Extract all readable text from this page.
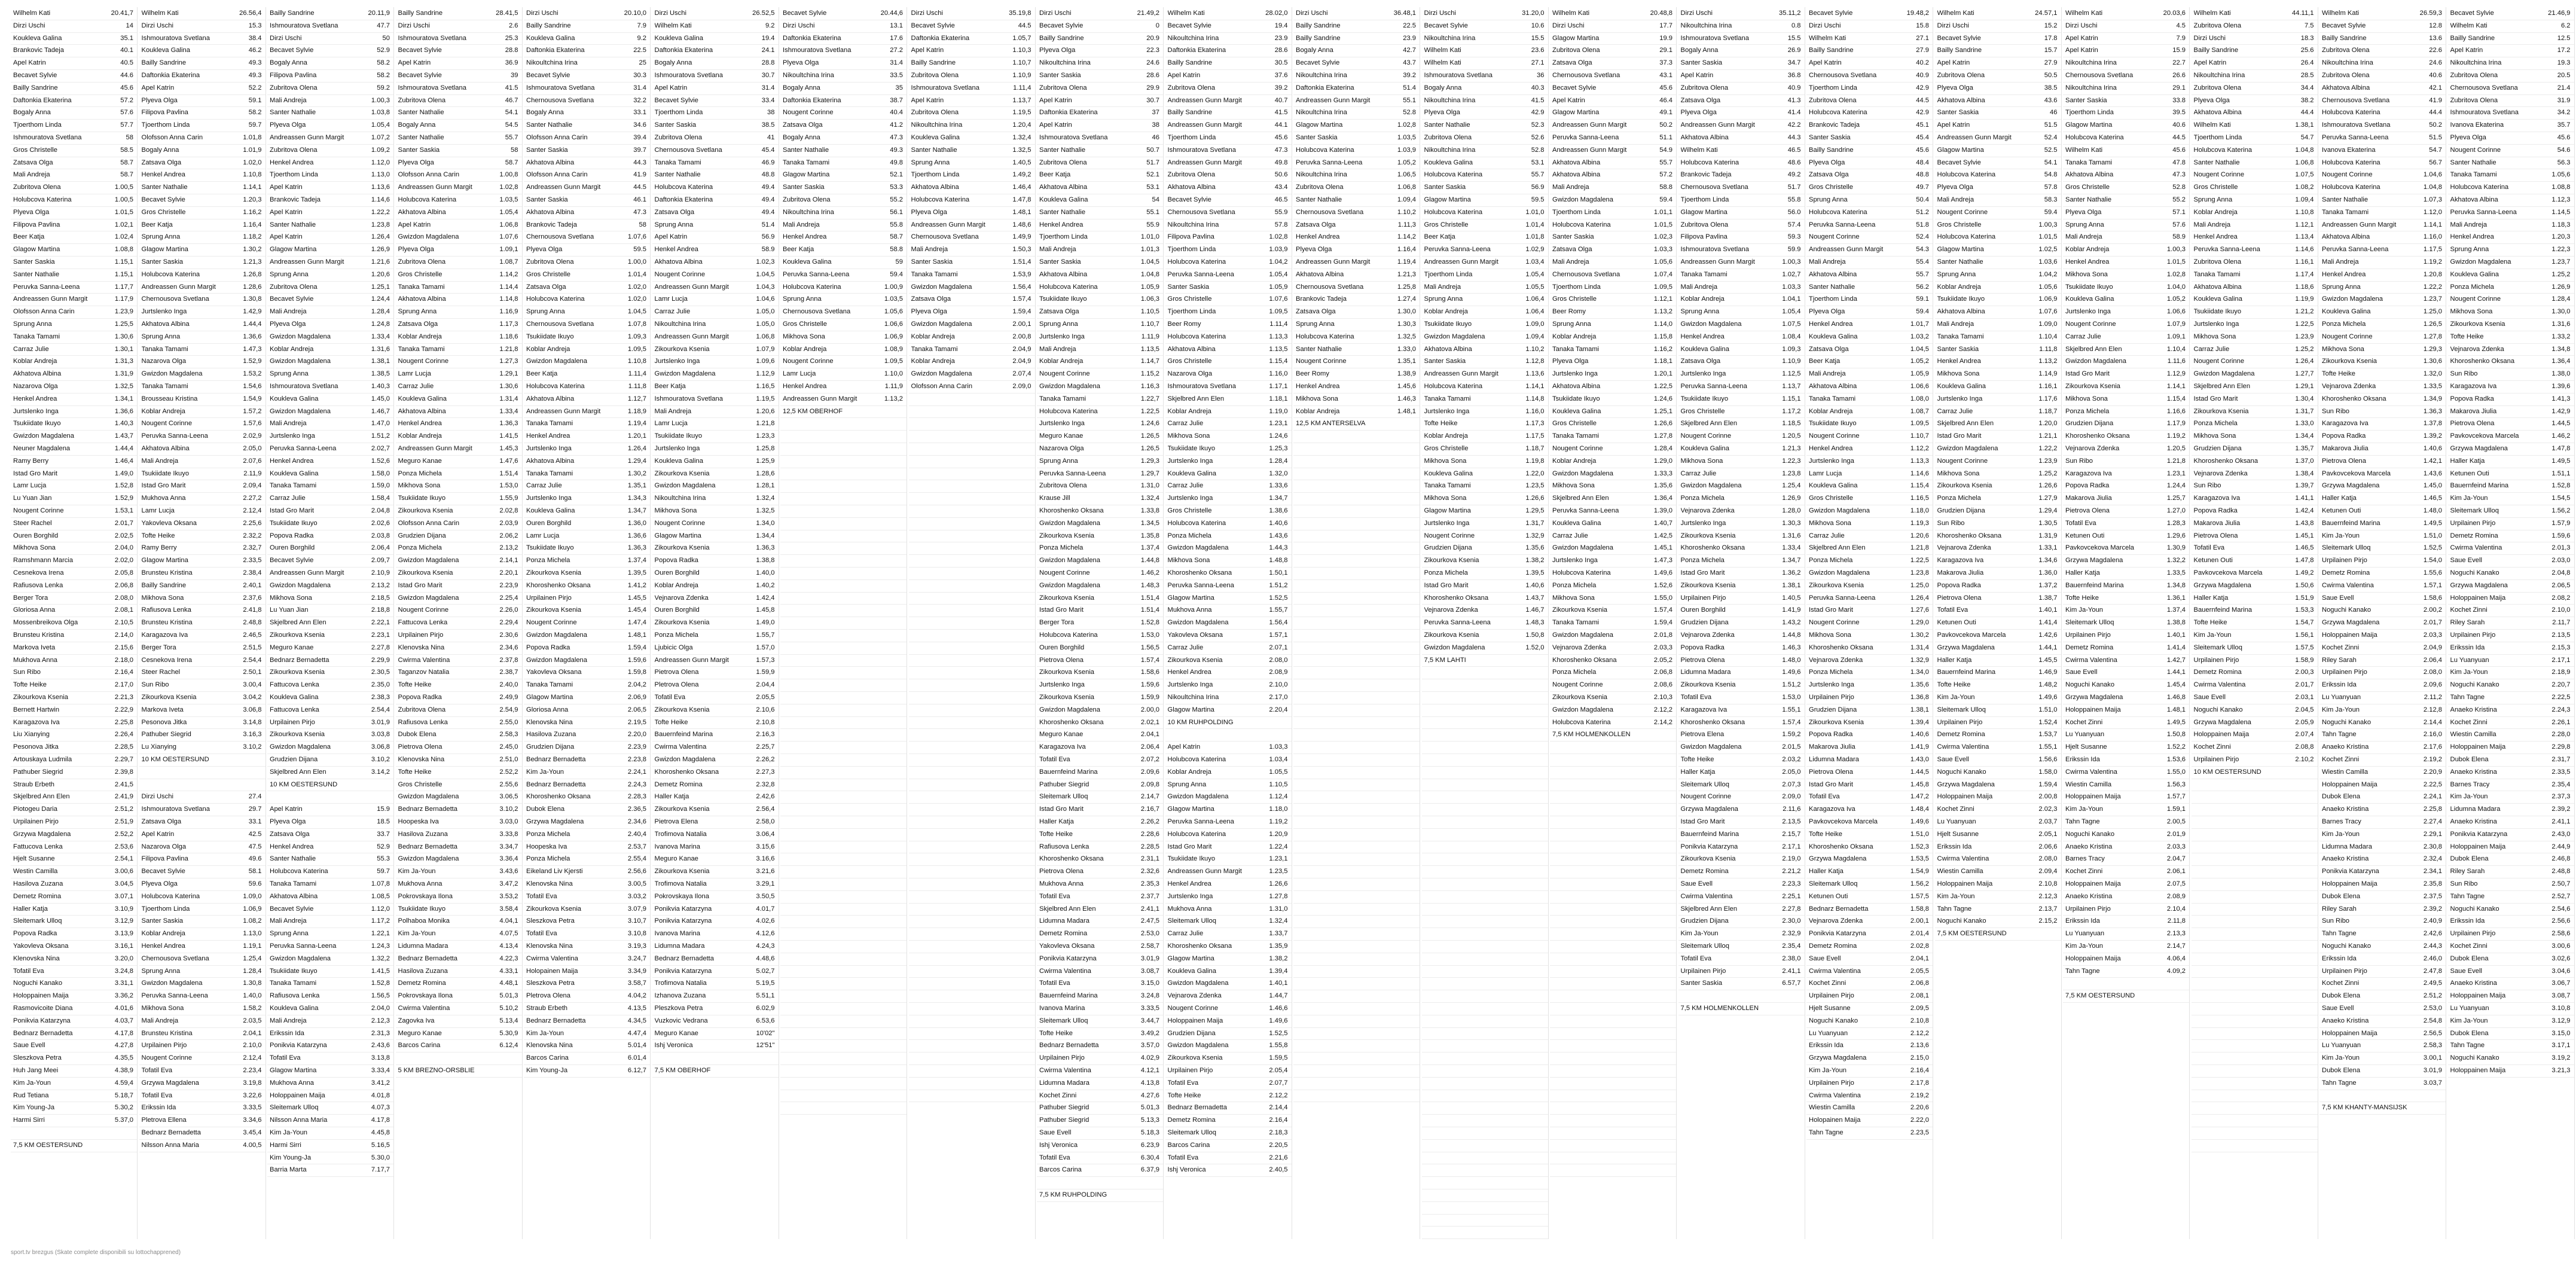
Wilhelm Kati	20.41,7
Dirzi Uschi	14
Koukleva Galina	35.1
Brankovic Tadeja	40.1
Apel Katrin	40.5
Becavet Sylvie	44.6
Bailly Sandrine	45.6
Daftonkia Ekaterina	57.2
Bogaly Anna	57.6
Tjoerthom Linda	57.7
Ishmouratova Svetlana	58
Gros Christelle	58.5
Zatsava Olga	58.7
Mali Andreja	58.7
Zubritova Olena	1.00,5
Holubcova Katerina	1.00,5
Plyeva Olga	1.01,5
Filipova Pavlina	1.02,1
Beer Katja	1.02,4
Glagow Martina	1.08,8
Santer Saskia	1.15,1
Santer Nathalie	1.15,1
Peruvka Sanna-Leena	1.17,7
Andreassen Gunn Margit	1.17,9
Olofsson Anna Carin	1.23,9
Sprung Anna	1.25,5
Tanaka Tamami	1.30,6
Carraz Julie	1.30,1
Koblar Andreja	1.31,3
Akhatova Albina	1.31,9
Nazarova Olga	1.32,5
Henkel Andrea	1.34,1
Jurtslenko Inga	1.36,6
Tsukiidate Ikuyo	1.40,3
Gwizdon Magdalena	1.43,7
Neuner Magdalena	1.44,4
Ramy Berry	1.46,4
Istad Gro Marit	1.49,0
Lamr Lucja	1.52,8
Lu Yuan Jian	1.52,9
Nougent Corinne	1.53,1
Steer Rachel	2.01,7
Ouren Borghild	2.02,5
Mikhova Sona	2.04,0
Ramshmann Marcia	2.02,0
Cesnekova Irena	2.05,8
Rafiusova Lenka	2.06,8
Berger Tora	2.08,0
Gloriosa Anna	2.08,1
Mossenbreikova Olga	2.10,5
Brunsteu Kristina	2.14,0
Markova Iveta	2.15,6
Mukhova Anna	2.18,0
Sun Ribo	2.16,4
Tofte Heike	2.17,0
Zikourkova Ksenia	2.21,3
Bernett Hartwin	2.22,9
Karagazova Iva	2.25,8
Liu Xianying	2.26,4
Pesonova Jitka	2.28,5
Artouskaya Ludmila	2.29,7
Pathuber Siegrid	2.39,8
Straub Erbeth	2.41,5
Skjelbred Ann Elen	2.41,9
Piotogeu Daria	2.51,2
Urpilainen Pirjo	2.51,9
Grzywa Magdalena	2.52,2
Fattucova Lenka	2.53,6
Hjelt Susanne	2.54,1
Westin Camilla	3.00,6
Hasilova Zuzana	3.04,5
Demetz Romina	3.07,1
Haller Katja	3.10,9
Sleitemark Ulloq	3.12,9
Popova Radka	3.13,9
Yakovleva Oksana	3.16,1
Klenovska Nina	3.20,0
Tofatil Eva	3.24,8
Noguchi Kanako	3.31,1
Holoppainen Maija	3.36,2
Rasmovicoite Diana	4.01,6
Ponikvia Katarzyna	4.03,7
Bednarz Bernadetta	4.17,8
Saue Evell	4.27,8
Sleszkova Petra	4.35,5
Huh Jang Meei	4.38,9
Kim Ja-Youn	4.59,4
Rud Tetiana	5.18,7
Kim Young-Ja	5.30,2
Harmi Sirri	5.37,0
7,5 KM OESTERSUND
Wilhelm Kati	26.56,4
Dirzi Uschi	15.3
Ishmouratova Svetlana	38.4
Koukleva Galina	46.2
Bailly Sandrine	49.3
Daftonkia Ekaterina	49.3
Apel Katrin	52.2
Plyeva Olga	59.1
Filipova Pavlina	58.2
Tjoerthom Linda	59.7
Olofsson Anna Carin	1.01,8
Bogaly Anna	1.01,9
Zatsava Olga	1.02,0
Henkel Andrea	1.10,8
Santer Nathalie	1.14,1
Becavet Sylvie	1.20,3
Gros Christelle	1.16,2
Beer Katja	1.16,4
Sprung Anna	1.18,2
Glagow Martina	1.30,2
Santer Saskia	1.21,3
Holubcova Katerina	1.26,8
Andreassen Gunn Margit	1.28,6
Chernousova Svetlana	1.30,8
Jurtslenko Inga	1.42,9
Akhatova Albina	1.44,4
Sprung Anna	1.36,6
Tanaka Tamami	1.47,3
Nazarova Olga	1.52,9
Gwizdon Magdalena	1.53,2
Tanaka Tamami	1.54,6
Brousseau Kristina	1.54,9
Koblar Andreja	1.57,2
Nougent Corinne	1.57,6
Peruvka Sanna-Leena	2.02,9
Akhatova Albina	2.05,0
Mali Andreja	2.07,6
Tsukiidate Ikuyo	2.11,9
Istad Gro Marit	2.09,4
Mukhova Anna	2.27,2
Lamr Lucja	2.12,4
Yakovleva Oksana	2.25,6
Tofte Heike	2.32,2
Ramy Berry	2.32,7
Glagow Martina	2.33,5
Brunsteu Kristina	2.38,4
Bailly Sandrine	2.40,1
Mikhova Sona	2.37,6
Rafiusova Lenka	2.41,8
Brunsteu Kristina	2.48,8
Karagazova Iva	2.46,5
Berger Tora	2.51,5
Cesnekova Irena	2.54,4
Steer Rachel	2.50,1
Sun Ribo	3.00,4
Zikourkova Ksenia	3.04,2
Markova Iveta	3.06,8
Pesonova Jitka	3.14,8
Pathuber Siegrid	3.16,3
Lu Xianying	3.10,2
10 KM OESTERSUND
Dirzi Uschi	27.4
Ishmouratova Svetlana	29.7
Zatsava Olga	33.1
Apel Katrin	42.5
Nazarova Olga	47.5
Filipova Pavlina	49.6
Becavet Sylvie	58.1
Plyeva Olga	59.6
Holubcova Katerina	1.09,0
Tjoerthom Linda	1.06,9
Santer Saskia	1.08,2
Koblar Andreja	1.13,0
Henkel Andrea	1.19,1
Chernousova Svetlana	1.25,4
Sprung Anna	1.28,4
Gwizdon Magdalena	1.30,8
Peruvka Sanna-Leena	1.40,0
Mikhova Sona	1.58,2
Mali Andreja	2.03,5
Brunsteu Kristina	2.04,1
Urpilainen Pirjo	2.10,0
Nougent Corinne	2.12,4
Tofatil Eva	2.23,4
Grzywa Magdalena	3.19,8
Tofatil Eva	3.22,6
Erikssin Ida	3.33,5
Pletrova Ellena	3.34,6
Bednarz Bernadetta	3.45,4
Nilsson Anna Maria	4.00,5
Bailly Sandrine	20.11,9
Ishmouratova Svetlana	47.7
Dirzi Uschi	50
Becavet Sylvie	52.9
Bogaly Anna	58.2
Filipova Pavlina	58.2
Zubritova Olena	59.2
Mali Andreja	1.00,3
Santer Nathalie	1.03,8
Plyeva Olga	1.05,4
Andreassen Gunn Margit	1.07,2
Zubritova Olena	1.09,2
Henkel Andrea	1.12,0
Tjoerthom Linda	1.13,0
Apel Katrin	1.13,6
Brankovic Tadeja	1.14,6
Apel Katrin	1.22,2
Santer Nathalie	1.23,8
Apel Katrin	1.26,4
Glagow Martina	1.26,9
Andreassen Gunn Margit	1.21,6
Sprung Anna	1.20,6
Zubritova Olena	1.25,1
Becavet Sylvie	1.24,4
Mali Andreja	1.28,4
Plyeva Olga	1.24,8
Gwizdon Magdalena	1.33,4
Koblar Andreja	1.31,6
Gwizdon Magdalena	1.38,1
Sprung Anna	1.38,5
Ishmouratova Svetlana	1.40,3
Koukleva Galina	1.45,0
Gwizdon Magdalena	1.46,7
Mali Andreja	1.47,0
Jurtslenko Inga	1.51,2
Peruvka Sanna-Leena	2.02,7
Henkel Andrea	1.52,6
Koukleva Galina	1.58,0
Tanaka Tamami	1.59,0
Carraz Julie	1.58,4
Istad Gro Marit	2.04,8
Tsukiidate Ikuyo	2.02,6
Popova Radka	2.03,8
Ouren Borghild	2.06,4
Becavet Sylvie	2.09,7
Andreassen Gunn Margit	2.10,9
Gwizdon Magdalena	2.13,2
Mikhova Sona	2.18,5
Lu Yuan Jian	2.18,8
Skjelbred Ann Elen	2.22,1
Zikourkova Ksenia	2.23,1
Meguro Kanae	2.27,8
Bednarz Bernadetta	2.29,9
Zikourkova Ksenia	2.30,5
Fattucova Lenka	2.35,0
Koukleva Galina	2.38,3
Fattucova Lenka	2.54,4
Urpilainen Pirjo	3.01,9
Zikourkova Ksenia	3.03,8
Gwizdon Magdalena	3.06,8
Grudzien Dijana	3.10,2
Skjelbred Ann Elen	3.14,2
10 KM OESTERSUND
Apel Katrin	15.9
Plyeva Olga	18.5
Zatsava Olga	33.7
Henkel Andrea	52.9
Santer Nathalie	55.3
Holubcova Katerina	59.7
Tanaka Tamami	1.07,8
Akhatova Albina	1.08,5
Becavet Sylvie	1.12,0
Mali Andreja	1.17,2
Sprung Anna	1.22,1
Peruvka Sanna-Leena	1.24,3
Gwizdon Magdalena	1.32,2
Tsukiidate Ikuyo	1.41,5
Tanaka Tamami	1.52,8
Rafiusova Lenka	1.56,5
Koukleva Galina	2.04,0
Mali Andreja	2.12,3
Erikssin Ida	2.31,3
Ponikvia Katarzyna	2.43,6
Tofatil Eva	3.13,8
Glagow Martina	3.33,4
Mukhova Anna	3.41,2
Holoppainen Maija	4.01,8
Sleitemark Ulloq	4.07,3
Nilsson Anna Maria	4.17,8
Kim Ja-Youn	4.45,8
Harmi Sirri	5.16,5
Kim Young-Ja	5.30,0
Barria Marta	7.17,7
Bailly Sandrine	28.41,5
Dirzi Uschi	2.6
Ishmouratova Svetlana	25.3
Becavet Sylvie	28.8
Apel Katrin	36.9
Becavet Sylvie	39
Ishmouratova Svetlana	41.5
Zubritova Olena	46.7
Santer Nathalie	54.1
Bogaly Anna	54.5
Santer Nathalie	55.7
Santer Saskia	58
Plyeva Olga	58.7
Olofsson Anna Carin	1.00,8
Andreassen Gunn Margit	1.02,8
Holubcova Katerina	1.03,5
Akhatova Albina	1.05,4
Apel Katrin	1.06,8
Gwizdon Magdalena	1.07,6
Plyeva Olga	1.09,1
Zubritova Olena	1.08,7
Gros Christelle	1.14,2
Tanaka Tamami	1.14,4
Akhatova Albina	1.14,8
Sprung Anna	1.16,9
Zatsava Olga	1.17,3
Koblar Andreja	1.18,6
Tanaka Tamami	1.21,8
Nougent Corinne	1.27,3
Lamr Lucja	1.29,1
Carraz Julie	1.30,6
Koukleva Galina	1.31,4
Akhatova Albina	1.33,4
Henkel Andrea	1.36,3
Koblar Andreja	1.41,5
Andreassen Gunn Margit	1.45,3
Meguro Kanae	1.47,6
Ponza Michela	1.51,4
Mikhova Sona	1.53,0
Tsukiidate Ikuyo	1.55,9
Zikourkova Ksenia	2.02,8
Olofsson Anna Carin	2.03,9
Grudzien Dijana	2.06,2
Ponza Michela	2.13,2
Gwizdon Magdalena	2.14,1
Zikourkova Ksenia	2.20,1
Istad Gro Marit	2.23,9
Gwizdon Magdalena	2.25,4
Nougent Corinne	2.26,0
Fattucova Lenka	2.29,4
Urpilainen Pirjo	2.30,6
Klenovska Nina	2.34,6
Cwirma Valentina	2.37,8
Taganzov Natalia	2.38,7
Tofte Heike	2.40,0
Popova Radka	2.49,9
Zubritova Olena	2.54,9
Rafiusova Lenka	2.55,0
Dubok Elena	2.58,3
Pietrova Olena	2.45,0
Klenovska Nina	2.51,0
Tofte Heike	2.52,2
Gros Christelle	2.55,6
Gwizdon Magdalena	3.06,5
Bednarz Bernadetta	3.10,2
Hoopeska Iva	3.03,0
Hasilova Zuzana	3.33,8
Bednarz Bernadetta	3.34,7
Gwizdon Magdalena	3.36,4
Kim Ja-Youn	3.43,6
Mukhova Anna	3.47,2
Pokrovskaya Ilona	3.53,2
Tsukiidate Ikuyo	3.58,4
Polhaboa Monika	4.04,1
Kim Ja-Youn	4.07,5
Lidumna Madara	4.13,4
Bednarz Bernadetta	4.22,3
Hasilova Zuzana	4.33,1
Demetz Romina	4.48,1
Pokrovskaya Ilona	5.01,3
Cwirma Valentina	5.10,2
Zagovka Iva	5.13,4
Meguro Kanae	5.30,9
Barcos Carina	6.12,4
5 KM BREZNO-ORSBLIE
Dirzi Uschi	20.10,0
Bailly Sandrine	7.9
Koukleva Galina	9.2
Daftonkia Ekaterina	22.5
Nikoultchina Irina	25
Becavet Sylvie	30.3
Ishmouratova Svetlana	31.4
Chernousova Svetlana	32.2
Bogaly Anna	33.1
Santer Nathalie	34.6
Olofsson Anna Carin	39.4
Santer Saskia	39.7
Akhatova Albina	44.3
Olofsson Anna Carin	41.9
Andreassen Gunn Margit	44.5
Santer Saskia	46.1
Akhatova Albina	47.3
Brankovic Tadeja	58
Chernousova Svetlana	1.07,6
Plyeva Olga	59.5
Zubritova Olena	1.00,0
Gros Christelle	1.01,4
Zatsava Olga	1.02,0
Holubcova Katerina	1.02,0
Sprung Anna	1.04,5
Chernousova Svetlana	1.07,8
Tsukiidate Ikuyo	1.09,3
Koblar Andreja	1.09,5
Gwizdon Magdalena	1.10,8
Beer Katja	1.11,4
Holubcova Katerina	1.11,8
Akhatova Albina	1.12,7
Andreassen Gunn Margit	1.18,9
Tanaka Tamami	1.19,4
Henkel Andrea	1.20,1
Jurtslenko Inga	1.26,4
Akhatova Albina	1.29,4
Tanaka Tamami	1.30,2
Carraz Julie	1.35,1
Jurtslenko Inga	1.34,3
Koukleva Galina	1.34,7
Ouren Borghild	1.36,0
Lamr Lucja	1.36,6
Tsukiidate Ikuyo	1.36,3
Ponza Michela	1.37,4
Zikourkova Ksenia	1.39,5
Khoroshenko Oksana	1.41,2
Urpilainen Pirjo	1.45,5
Zikourkova Ksenia	1.45,4
Nougent Corinne	1.47,4
Gwizdon Magdalena	1.48,1
Popova Radka	1.59,4
Gwizdon Magdalena	1.59,6
Yakovleva Oksana	1.59,8
Tanaka Tamami	2.04,2
Glagow Martina	2.06,9
Gloriosa Anna	2.06,5
Klenovska Nina	2.19,5
Hasilova Zuzana	2.20,0
Grudzien Dijana	2.23,9
Bednarz Bernadetta	2.23,8
Kim Ja-Youn	2.24,1
Bednarz Bernadetta	2.24,3
Khoroshenko Oksana	2.28,3
Dubok Elena	2.36,5
Grzywa Magdalena	2.34,6
Ponza Michela	2.40,4
Hoopeska Iva	2.53,7
Ponza Michela	2.55,4
Eikeland Liv Kjersti	2.56,6
Klenovska Nina	3.00,5
Tofatil Eva	3.03,2
Zikourkova Ksenia	3.07,9
Sleszkova Petra	3.10,7
Tofatil Eva	3.10,8
Klenovska Nina	3.19,3
Cwirma Valentina	3.24,7
Holopainen Maija	3.34,9
Sleszkova Petra	3.58,7
Pletrova Olena	4.04,2
Straub Erbeth	4.13,5
Bednarz Bernadetta	4.34,5
Kim Ja-Youn	4.47,4
Klenovska Nina	5.01,4
Barcos Carina	6.01,4
Kim Young-Ja	6.12,7
Dirzi Uschi	26.52,5
Wilhelm Kati	9.2
Koukleva Galina	19.4
Daftonkia Ekaterina	24.1
Bogaly Anna	28.8
Ishmouratova Svetlana	30.7
Apel Katrin	31.4
Becavet Sylvie	33.4
Tjoerthom Linda	38
Santer Saskia	38.5
Zubritova Olena	41
Chernousova Svetlana	45.4
Tanaka Tamami	46.9
Santer Nathalie	48.8
Holubcova Katerina	49.4
Daftonkia Ekaterina	49.4
Zatsava Olga	49.4
Sprung Anna	51.4
Apel Katrin	56.9
Henkel Andrea	58.9
Akhatova Albina	1.02,3
Nougent Corinne	1.04,5
Andreassen Gunn Margit	1.04,3
Lamr Lucja	1.04,6
Carraz Julie	1.05,0
Nikoultchina Irina	1.05,0
Andreassen Gunn Margit	1.06,8
Zikourkova Ksenia	1.07,9
Jurtslenko Inga	1.09,6
Gwizdon Magdalena	1.12,9
Beer Katja	1.16,5
Ishmouratova Svetlana	1.19,5
Mali Andreja	1.20,6
Lamr Lucja	1.21,8
Tsukiidate Ikuyo	1.23,3
Jurtslenko Inga	1.25,8
Koukleva Galina	1.25,9
Zikourkova Ksenia	1.28,6
Gwizdon Magdalena	1.28,1
Nikoultchina Irina	1.32,4
Mikhova Sona	1.32,5
Nougent Corinne	1.34,0
Glagow Martina	1.34,4
Zikourkova Ksenia	1.36,3
Popova Radka	1.38,8
Ouren Borghild	1.40,0
Koblar Andreja	1.40,2
Vejnarova Zdenka	1.42,4
Ouren Borghild	1.45,8
Zikourkova Ksenia	1.49,0
Ponza Michela	1.55,7
Ljubicic Olga	1.57,0
Andreassen Gunn Margit	1.57,3
Pietrova Olena	1.59,9
Pletrova Olena	2.04,4
Tofatil Eva	2.05,5
Zikourkova Ksenia	2.10,6
Tofte Heike	2.10,8
Bauernfeind Marina	2.16,3
Cwirma Valentina	2.25,7
Gwizdon Magdalena	2.26,2
Khoroshenko Oksana	2.27,3
Demetz Romina	2.32,8
Haller Katja	2.42,6
Zikourkova Ksenia	2.56,4
Pietrova Elena	2.58,0
Trofimova Natalia	3.06,4
Ivanova Marina	3.15,6
Meguro Kanae	3.16,6
Zikourkova Ksenia	3.21,6
Trofimova Natalia	3.29,1
Pokrovskaya Ilona	3.50,5
Ponikvia Katarzyna	4.01,7
Ponikvia Katarzyna	4.02,6
Ivanova Marina	4.12,6
Lidumna Madara	4.24,3
Bednarz Bernadetta	4.48,6
Ponikvia Katarzyna	5.02,7
Trofimova Natalia	5.19,5
Izhanova Zuzana	5.51,1
Pleszkova Petra	6.02,9
Vuzkovic Vedrana	6.53,6
Meguro Kanae	10'02"
Ishj Veronica	12'51"
7,5 KM OBERHOF
Becavet Sylvie	20.44,6
Dirzi Uschi	13.1
Daftonkia Ekaterina	17.6
Ishmouratova Svetlana	27.2
Plyeva Olga	31.4
Nikoultchina Irina	33.5
Bogaly Anna	35
Daftonkia Ekaterina	38.7
Nougent Corinne	40.4
Zatsava Olga	41.2
Bogaly Anna	47.3
Santer Nathalie	49.3
Tanaka Tamami	49.8
Glagow Martina	52.1
Santer Saskia	53.3
Zubritova Olena	55.2
Nikoultchina Irina	56.1
Mali Andreja	55.8
Henkel Andrea	58.7
Beer Katja	58.8
Koukleva Galina	59
Peruvka Sanna-Leena	59.4
Holubcova Katerina	1.00,9
Sprung Anna	1.03,5
Chernousova Svetlana	1.05,6
Gros Christelle	1.06,6
Mikhova Sona	1.06,9
Koblar Andreja	1.08,9
Nougent Corinne	1.09,5
Lamr Lucja	1.10,0
Henkel Andrea	1.11,9
Andreassen Gunn Margit	1.13,2
12,5 KM OBERHOF
Dirzi Uschi	35.19,8
Becavet Sylvie	44.5
Daftonkia Ekaterina	1.05,7
Apel Katrin	1.10,3
Bailly Sandrine	1.10,7
Zubritova Olena	1.10,9
Ishmouratova Svetlana	1.11,4
Apel Katrin	1.13,7
Zubritova Olena	1.19,5
Nikoultchina Irina	1.20,4
Koukleva Galina	1.32,4
Santer Nathalie	1.32,5
Sprung Anna	1.40,5
Tjoerthom Linda	1.49,2
Akhatova Albina	1.46,4
Holubcova Katerina	1.47,8
Plyeva Olga	1.48,1
Andreassen Gunn Margit	1.48,6
Chernousova Svetlana	1.49,9
Mali Andreja	1.50,3
Santer Saskia	1.51,4
Tanaka Tamami	1.53,9
Gwizdon Magdalena	1.56,4
Zatsava Olga	1.57,4
Plyeva Olga	1.59,4
Gwizdon Magdalena	2.00,1
Koblar Andreja	2.00,8
Tanaka Tamami	2.04,9
Koblar Andreja	2.04,9
Gwizdon Magdalena	2.07,4
Olofsson Anna Carin	2.09,0
Dirzi Uschi	21.49,2
Becavet Sylvie	0
Bailly Sandrine	20.9
Plyeva Olga	22.3
Nikoultchina Irina	24.6
Santer Saskia	28.6
Zubritova Olena	29.9
Apel Katrin	30.7
Daftonkia Ekaterina	37
Apel Katrin	38
Ishmouratova Svetlana	46
Santer Nathalie	50.7
Zubritova Olena	51.7
Beer Katja	52.1
Akhatova Albina	53.1
Koukleva Galina	54
Santer Nathalie	55.1
Henkel Andrea	55.9
Tjoerthom Linda	1.01,0
Mali Andreja	1.01,3
Santer Saskia	1.04,5
Akhatova Albina	1.04,8
Holubcova Katerina	1.05,9
Tsukiidate Ikuyo	1.06,3
Zatsava Olga	1.10,5
Sprung Anna	1.10,7
Jurtslenko Inga	1.11,9
Mali Andreja	1.13,5
Koblar Andreja	1.14,7
Nougent Corinne	1.15,2
Gwizdon Magdalena	1.16,3
Tanaka Tamami	1.22,7
Holubcova Katerina	1.22,5
Jurtslenko Inga	1.24,6
Meguro Kanae	1.26,5
Nazarova Olga	1.26,5
Sprung Anna	1.29,3
Peruvka Sanna-Leena	1.29,7
Zubritova Olena	1.31,0
Krause Jill	1.32,4
Khoroshenko Oksana	1.33,8
Gwizdon Magdalena	1.34,5
Zikourkova Ksenia	1.35,8
Ponza Michela	1.37,4
Gwizdon Magdalena	1.44,8
Nougent Corinne	1.46,2
Gwizdon Magdalena	1.48,3
Zikourkova Ksenia	1.51,4
Istad Gro Marit	1.51,4
Berger Tora	1.52,8
Holubcova Katerina	1.53,0
Ouren Borghild	1.56,5
Pietrova Olena	1.57,4
Zikourkova Ksenia	1.58,6
Jurtslenko Inga	1.59,6
Zikourkova Ksenia	1.59,9
Gwizdon Magdalena	2.00,0
Khoroshenko Oksana	2.02,1
Meguro Kanae	2.04,1
Karagazova Iva	2.06,4
Tofatil Eva	2.07,2
Bauernfeind Marina	2.09,6
Pathuber Siegrid	2.09,8
Sleitemark Ulloq	2.14,7
Istad Gro Marit	2.16,7
Haller Katja	2.26,2
Tofte Heike	2.28,6
Rafiusova Lenka	2.28,5
Khoroshenko Oksana	2.31,1
Pietrova Olena	2.32,6
Mukhova Anna	2.35,3
Tofatil Eva	2.37,7
Skjelbred Ann Elen	2.41,1
Lidumna Madara	2.47,5
Demetz Romina	2.53,0
Yakovleva Oksana	2.58,7
Ponikvia Katarzyna	3.01,9
Cwirma Valentina	3.08,7
Tofatil Eva	3.15,0
Bauernfeind Marina	3.24,8
Ivanova Marina	3.33,5
Sleitemark Ulloq	3.44,7
Tofte Heike	3.49,2
Bednarz Bernadetta	3.57,0
Urpilainen Pirjo	4.02,9
Cwirma Valentina	4.12,1
Lidumna Madara	4.13,8
Kochet Zinni	4.27,6
Pathuber Siegrid	5.01,3
Pathuber Siegrid	5.13,3
Saue Evell	5.18,3
Ishj Veronica	6.23,9
Tofatil Eva	6.30,4
Barcos Carina	6.37,9
7,5 KM RUHPOLDING
Wilhelm Kati	28.02,0
Becavet Sylvie	19.4
Nikoultchina Irina	23.9
Daftonkia Ekaterina	28.6
Bailly Sandrine	30.5
Apel Katrin	37.6
Zubritova Olena	39.2
Andreassen Gunn Margit	40.7
Bailly Sandrine	41.5
Andreassen Gunn Margit	44.1
Tjoerthom Linda	45.6
Ishmouratova Svetlana	47.3
Andreassen Gunn Margit	49.8
Zubritova Olena	50.6
Akhatova Albina	43.4
Becavet Sylvie	46.5
Chernousova Svetlana	55.9
Nikoultchina Irina	57.8
Filipova Pavlina	1.02,8
Tjoerthom Linda	1.03,9
Holubcova Katerina	1.04,2
Peruvka Sanna-Leena	1.05,4
Santer Saskia	1.05,9
Gros Christelle	1.07,6
Tjoerthom Linda	1.09,5
Beer Romy	1.11,4
Holubcova Katerina	1.13,3
Akhatova Albina	1.13,5
Gros Christelle	1.15,4
Nazarova Olga	1.16,0
Ishmouratova Svetlana	1.17,1
Skjelbred Ann Elen	1.18,1
Koblar Andreja	1.19,0
Carraz Julie	1.23,1
Mikhova Sona	1.24,6
Tsukiidate Ikuyo	1.25,3
Jurtslenko Inga	1.28,4
Koukleva Galina	1.32,0
Carraz Julie	1.33,6
Jurtslenko Inga	1.34,7
Gros Christelle	1.38,6
Holubcova Katerina	1.40,6
Ponza Michela	1.43,6
Gwizdon Magdalena	1.44,3
Mikhova Sona	1.48,8
Khoroshenko Oksana	1.50,1
Peruvka Sanna-Leena	1.51,2
Glagow Martina	1.52,5
Mukhova Anna	1.55,7
Gwizdon Magdalena	1.56,4
Yakovleva Oksana	1.57,1
Carraz Julie	2.07,1
Zikourkova Ksenia	2.08,0
Henkel Andrea	2.08,9
Jurtslenko Inga	2.10,0
Nikoultchina Irina	2.17,0
Glagow Martina	2.20,4
10 KM RUHPOLDING
Apel Katrin	1.03,3
Holubcova Katerina	1.03,4
Koblar Andreja	1.05,5
Sprung Anna	1.10,5
Gwizdon Magdalena	1.12,4
Glagow Martina	1.18,0
Peruvka Sanna-Leena	1.19,2
Holubcova Katerina	1.20,9
Istad Gro Marit	1.22,4
Tsukiidate Ikuyo	1.23,1
Andreassen Gunn Margit	1.23,5
Henkel Andrea	1.26,6
Jurtslenko Inga	1.27,8
Mukhova Anna	1.31,0
Sleitemark Ulloq	1.32,4
Carraz Julie	1.33,7
Khoroshenko Oksana	1.35,9
Glagow Martina	1.38,2
Koukleva Galina	1.39,4
Gwizdon Magdalena	1.40,1
Vejnarova Zdenka	1.44,7
Nougent Corinne	1.46,6
Holoppainen Maija	1.49,6
Grudzien Dijana	1.52,5
Gwizdon Magdalena	1.55,8
Zikourkova Ksenia	1.59,5
Urpilainen Pirjo	2.05,4
Tofatil Eva	2.07,7
Tofte Heike	2.12,2
Bednarz Bernadetta	2.14,4
Demetz Romina	2.16,4
Sleitemark Ulloq	2.18,3
Barcos Carina	2.20,5
Tofatil Eva	2.21,6
Ishj Veronica	2.40,5
Dirzi Uschi	36.48,1
Bailly Sandrine	22.5
Bailly Sandrine	23.9
Bogaly Anna	42.7
Becavet Sylvie	43.7
Nikoultchina Irina	39.2
Daftonkia Ekaterina	51.4
Andreassen Gunn Margit	55.1
Nikoultchina Irina	52.8
Glagow Martina	1.02,8
Santer Saskia	1.03,5
Holubcova Katerina	1.03,9
Peruvka Sanna-Leena	1.05,2
Nikoultchina Irina	1.06,5
Zubritova Olena	1.06,8
Santer Nathalie	1.09,4
Chernousova Svetlana	1.10,2
Zatsava Olga	1.11,3
Henkel Andrea	1.14,2
Plyeva Olga	1.16,4
Andreassen Gunn Margit	1.19,4
Akhatova Albina	1.21,3
Chernousova Svetlana	1.25,8
Brankovic Tadeja	1.27,4
Zatsava Olga	1.30,0
Sprung Anna	1.30,3
Holubcova Katerina	1.32,5
Santer Nathalie	1.33,0
Nougent Corinne	1.35,1
Beer Romy	1.38,9
Henkel Andrea	1.45,6
Mikhova Sona	1.46,3
Koblar Andreja	1.48,1
12,5 KM ANTERSELVA
Dirzi Uschi	31.20,0
Becavet Sylvie	10.6
Nikoultchina Irina	15.5
Wilhelm Kati	23.6
Wilhelm Kati	27.1
Ishmouratova Svetlana	36
Bogaly Anna	40.3
Nikoultchina Irina	41.5
Plyeva Olga	42.9
Santer Nathalie	52.3
Zubritova Olena	52.6
Nikoultchina Irina	52.8
Koukleva Galina	53.1
Holubcova Katerina	55.7
Santer Saskia	56.9
Glagow Martina	59.5
Holubcova Katerina	1.01,0
Gros Christelle	1.01,4
Beer Katja	1.01,8
Peruvka Sanna-Leena	1.02,9
Andreassen Gunn Margit	1.03,4
Tjoerthom Linda	1.05,4
Mali Andreja	1.05,5
Sprung Anna	1.06,4
Koblar Andreja	1.06,4
Tsukiidate Ikuyo	1.09,0
Gwizdon Magdalena	1.09,4
Akhatova Albina	1.10,2
Santer Saskia	1.12,8
Andreassen Gunn Margit	1.13,6
Holubcova Katerina	1.14,1
Tanaka Tamami	1.14,8
Jurtslenko Inga	1.16,0
Tofte Heike	1.17,3
Koblar Andreja	1.17,5
Gros Christelle	1.18,7
Mikhova Sona	1.19,8
Koukleva Galina	1.22,0
Tanaka Tamami	1.23,5
Mikhova Sona	1.26,6
Glagow Martina	1.29,5
Jurtslenko Inga	1.31,7
Nougent Corinne	1.32,9
Grudzien Dijana	1.35,6
Zikourkova Ksenia	1.38,2
Ponza Michela	1.39,5
Istad Gro Marit	1.40,6
Khoroshenko Oksana	1.43,7
Vejnarova Zdenka	1.46,7
Peruvka Sanna-Leena	1.48,3
Zikourkova Ksenia	1.50,8
Gwizdon Magdalena	1.52,0
7,5 KM LAHTI
Wilhelm Kati	20.48,8
Dirzi Uschi	17.7
Glagow Martina	19.9
Zubritova Olena	29.1
Zatsava Olga	37.3
Chernousova Svetlana	43.1
Becavet Sylvie	45.6
Apel Katrin	46.4
Glagow Martina	49.1
Andreassen Gunn Margit	50.2
Peruvka Sanna-Leena	51.1
Andreassen Gunn Margit	54.9
Akhatova Albina	55.7
Akhatova Albina	57.2
Mali Andreja	58.8
Gwizdon Magdalena	59.4
Tjoerthom Linda	1.01,1
Holubcova Katerina	1.01,5
Santer Saskia	1.02,3
Zatsava Olga	1.03,3
Mali Andreja	1.05,6
Chernousova Svetlana	1.07,4
Tjoerthom Linda	1.09,5
Gros Christelle	1.12,1
Beer Romy	1.13,2
Sprung Anna	1.14,0
Koblar Andreja	1.15,8
Tanaka Tamami	1.16,2
Plyeva Olga	1.18,1
Jurtslenko Inga	1.20,1
Akhatova Albina	1.22,5
Tsukiidate Ikuyo	1.24,6
Koukleva Galina	1.25,1
Gros Christelle	1.26,6
Tanaka Tamami	1.27,8
Nougent Corinne	1.28,4
Koblar Andreja	1.29,0
Gwizdon Magdalena	1.33,3
Mikhova Sona	1.35,6
Skjelbred Ann Elen	1.36,4
Peruvka Sanna-Leena	1.39,0
Koukleva Galina	1.40,7
Carraz Julie	1.42,5
Gwizdon Magdalena	1.45,1
Jurtslenko Inga	1.47,3
Holubcova Katerina	1.49,6
Ponza Michela	1.52,6
Mikhova Sona	1.55,0
Zikourkova Ksenia	1.57,4
Tanaka Tamami	1.59,4
Gwizdon Magdalena	2.01,8
Vejnarova Zdenka	2.03,3
Khoroshenko Oksana	2.05,2
Ponza Michela	2.06,8
Nougent Corinne	2.08,6
Zikourkova Ksenia	2.10,3
Gwizdon Magdalena	2.12,2
Holubcova Katerina	2.14,2
7,5 KM HOLMENKOLLEN
Dirzi Uschi	35.11,2
Nikoultchina Irina	0.8
Ishmouratova Svetlana	15.5
Bogaly Anna	26.9
Santer Saskia	34.7
Apel Katrin	36.8
Zubritova Olena	40.9
Zatsava Olga	41.3
Plyeva Olga	41.4
Andreassen Gunn Margit	42.2
Akhatova Albina	44.3
Wilhelm Kati	46.5
Holubcova Katerina	48.6
Brankovic Tadeja	49.2
Chernousova Svetlana	51.7
Tjoerthom Linda	55.8
Glagow Martina	56.0
Zubritova Olena	57.4
Filipova Pavlina	59.3
Ishmouratova Svetlana	59.9
Andreassen Gunn Margit	1.00,3
Tanaka Tamami	1.02,7
Mali Andreja	1.03,3
Koblar Andreja	1.04,1
Sprung Anna	1.05,4
Gwizdon Magdalena	1.07,5
Henkel Andrea	1.08,4
Koukleva Galina	1.09,3
Zatsava Olga	1.10,9
Jurtslenko Inga	1.12,5
Peruvka Sanna-Leena	1.13,7
Tsukiidate Ikuyo	1.15,1
Gros Christelle	1.17,2
Skjelbred Ann Elen	1.18,5
Nougent Corinne	1.20,5
Koukleva Galina	1.21,3
Mikhova Sona	1.22,3
Carraz Julie	1.23,8
Gwizdon Magdalena	1.25,4
Ponza Michela	1.26,9
Vejnarova Zdenka	1.28,0
Jurtslenko Inga	1.30,3
Zikourkova Ksenia	1.31,6
Khoroshenko Oksana	1.33,4
Ponza Michela	1.34,7
Istad Gro Marit	1.36,2
Zikourkova Ksenia	1.38,1
Urpilainen Pirjo	1.40,5
Ouren Borghild	1.41,9
Grudzien Dijana	1.43,2
Vejnarova Zdenka	1.44,8
Popova Radka	1.46,3
Pietrova Olena	1.48,0
Lidumna Madara	1.49,6
Zikourkova Ksenia	1.51,2
Tofatil Eva	1.53,0
Karagazova Iva	1.55,1
Khoroshenko Oksana	1.57,4
Pietrova Elena	1.59,2
Gwizdon Magdalena	2.01,5
Tofte Heike	2.03,2
Haller Katja	2.05,0
Sleitemark Ulloq	2.07,3
Nougent Corinne	2.09,0
Grzywa Magdalena	2.11,6
Istad Gro Marit	2.13,5
Bauernfeind Marina	2.15,7
Ponikvia Katarzyna	2.17,1
Zikourkova Ksenia	2.19,0
Demetz Romina	2.21,2
Saue Evell	2.23,3
Cwirma Valentina	2.25,1
Skjelbred Ann Elen	2.27,8
Grudzien Dijana	2.30,0
Kim Ja-Youn	2.32,9
Sleitemark Ulloq	2.35,4
Tofatil Eva	2.38,0
Urpilainen Pirjo	2.41,1
Santer Saskia	6.57,7
7,5 KM HOLMENKOLLEN
Becavet Sylvie	19.48,2
Dirzi Uschi	15.8
Wilhelm Kati	27.1
Bailly Sandrine	27.9
Apel Katrin	40.2
Chernousova Svetlana	40.9
Tjoerthom Linda	42.9
Zubritova Olena	44.5
Holubcova Katerina	42.9
Brankovic Tadeja	45.1
Santer Saskia	45.4
Bailly Sandrine	45.6
Plyeva Olga	48.4
Zatsava Olga	48.8
Gros Christelle	49.7
Sprung Anna	50.4
Holubcova Katerina	51.2
Peruvka Sanna-Leena	51.8
Nougent Corinne	52.4
Andreassen Gunn Margit	54.3
Mali Andreja	55.4
Akhatova Albina	55.7
Santer Nathalie	56.2
Tjoerthom Linda	59.1
Plyeva Olga	59.4
Henkel Andrea	1.01,7
Koukleva Galina	1.03,2
Zatsava Olga	1.04,5
Beer Katja	1.05,2
Mali Andreja	1.05,9
Akhatova Albina	1.06,6
Tanaka Tamami	1.08,0
Koblar Andreja	1.08,7
Tsukiidate Ikuyo	1.09,5
Nougent Corinne	1.10,7
Henkel Andrea	1.12,2
Jurtslenko Inga	1.13,3
Lamr Lucja	1.14,6
Koukleva Galina	1.15,4
Gros Christelle	1.16,5
Gwizdon Magdalena	1.18,0
Mikhova Sona	1.19,3
Carraz Julie	1.20,6
Skjelbred Ann Elen	1.21,8
Ponza Michela	1.22,5
Gwizdon Magdalena	1.23,8
Zikourkova Ksenia	1.25,0
Peruvka Sanna-Leena	1.26,4
Istad Gro Marit	1.27,6
Nougent Corinne	1.29,0
Mikhova Sona	1.30,2
Khoroshenko Oksana	1.31,4
Vejnarova Zdenka	1.32,9
Ponza Michela	1.34,0
Jurtslenko Inga	1.35,6
Urpilainen Pirjo	1.36,8
Grudzien Dijana	1.38,1
Zikourkova Ksenia	1.39,4
Popova Radka	1.40,6
Makarova Jiulia	1.41,9
Lidumna Madara	1.43,0
Pietrova Olena	1.44,5
Istad Gro Marit	1.45,8
Tofatil Eva	1.47,2
Karagazova Iva	1.48,4
Pavkovcekova Marcela	1.49,6
Tofte Heike	1.51,0
Khoroshenko Oksana	1.52,3
Grzywa Magdalena	1.53,5
Haller Katja	1.54,9
Sleitemark Ulloq	1.56,2
Ketunen Outi	1.57,5
Bednarz Bernadetta	1.58,8
Vejnarova Zdenka	2.00,1
Ponikvia Katarzyna	2.01,4
Demetz Romina	2.02,8
Saue Evell	2.04,1
Cwirma Valentina	2.05,5
Kochet Zinni	2.06,8
Urpilainen Pirjo	2.08,1
Hjelt Susanne	2.09,5
Noguchi Kanako	2.10,8
Lu Yuanyuan	2.12,2
Erikssin Ida	2.13,6
Grzywa Magdalena	2.15,0
Kim Ja-Youn	2.16,4
Urpilainen Pirjo	2.17,8
Cwirma Valentina	2.19,2
Wiestin Camilla	2.20,6
Holopainen Maija	2.22,0
Tahn Tagne	2.23,5
Wilhelm Kati	24.57,1
Dirzi Uschi	15.2
Becavet Sylvie	17.8
Bailly Sandrine	15.7
Apel Katrin	27.9
Zubritova Olena	50.5
Plyeva Olga	38.5
Akhatova Albina	43.6
Santer Saskia	46
Apel Katrin	51.5
Andreassen Gunn Margit	52.4
Glagow Martina	52.5
Becavet Sylvie	54.1
Holubcova Katerina	54.8
Plyeva Olga	57.8
Mali Andreja	58.3
Nougent Corinne	59.4
Gros Christelle	1.00,3
Holubcova Katerina	1.01,5
Glagow Martina	1.02,5
Santer Nathalie	1.03,6
Sprung Anna	1.04,2
Koblar Andreja	1.05,6
Tsukiidate Ikuyo	1.06,9
Akhatova Albina	1.07,6
Mali Andreja	1.09,0
Tanaka Tamami	1.10,4
Santer Saskia	1.11,8
Henkel Andrea	1.13,2
Mikhova Sona	1.14,9
Koukleva Galina	1.16,1
Jurtslenko Inga	1.17,6
Carraz Julie	1.18,7
Skjelbred Ann Elen	1.20,0
Istad Gro Marit	1.21,1
Gwizdon Magdalena	1.22,2
Nougent Corinne	1.23,9
Mikhova Sona	1.25,2
Zikourkova Ksenia	1.26,6
Ponza Michela	1.27,9
Grudzien Dijana	1.29,4
Sun Ribo	1.30,5
Khoroshenko Oksana	1.31,9
Vejnarova Zdenka	1.33,1
Karagazova Iva	1.34,6
Makarova Jiulia	1.36,0
Popova Radka	1.37,2
Pietrova Olena	1.38,7
Tofatil Eva	1.40,1
Ketunen Outi	1.41,4
Pavkovcekova Marcela	1.42,6
Grzywa Magdalena	1.44,1
Haller Katja	1.45,5
Bauernfeind Marina	1.46,9
Tofte Heike	1.48,2
Kim Ja-Youn	1.49,6
Sleitemark Ulloq	1.51,0
Urpilainen Pirjo	1.52,4
Demetz Romina	1.53,7
Cwirma Valentina	1.55,1
Saue Evell	1.56,6
Noguchi Kanako	1.58,0
Grzywa Magdalena	1.59,4
Holoppainen Maija	2.00,8
Kochet Zinni	2.02,3
Lu Yuanyuan	2.03,7
Hjelt Susanne	2.05,1
Erikssin Ida	2.06,6
Cwirma Valentina	2.08,0
Wiestin Camilla	2.09,4
Holoppainen Maija	2.10,8
Kim Ja-Youn	2.12,3
Tahn Tagne	2.13,7
Noguchi Kanako	2.15,2
7,5 KM OESTERSUND
Wilhelm Kati	20.03,6
Dirzi Uschi	4.5
Apel Katrin	7.9
Apel Katrin	15.9
Nikoultchina Irina	22.7
Chernousova Svetlana	26.6
Nikoultchina Irina	29.1
Santer Saskia	33.8
Tjoerthom Linda	39.5
Glagow Martina	40.6
Holubcova Katerina	44.5
Wilhelm Kati	45.6
Tanaka Tamami	47.8
Akhatova Albina	47.3
Gros Christelle	52.8
Santer Nathalie	55.2
Plyeva Olga	57.1
Sprung Anna	57.6
Mali Andreja	58.9
Koblar Andreja	1.00,3
Henkel Andrea	1.01,5
Mikhova Sona	1.02,8
Tsukiidate Ikuyo	1.04,0
Koukleva Galina	1.05,2
Jurtslenko Inga	1.06,6
Nougent Corinne	1.07,9
Carraz Julie	1.09,1
Skjelbred Ann Elen	1.10,4
Gwizdon Magdalena	1.11,6
Istad Gro Marit	1.12,9
Zikourkova Ksenia	1.14,1
Mikhova Sona	1.15,4
Ponza Michela	1.16,6
Grudzien Dijana	1.17,9
Khoroshenko Oksana	1.19,2
Vejnarova Zdenka	1.20,5
Sun Ribo	1.21,8
Karagazova Iva	1.23,1
Popova Radka	1.24,4
Makarova Jiulia	1.25,7
Pietrova Olena	1.27,0
Tofatil Eva	1.28,3
Ketunen Outi	1.29,6
Pavkovcekova Marcela	1.30,9
Grzywa Magdalena	1.32,2
Haller Katja	1.33,5
Bauernfeind Marina	1.34,8
Tofte Heike	1.36,1
Kim Ja-Youn	1.37,4
Sleitemark Ulloq	1.38,8
Urpilainen Pirjo	1.40,1
Demetz Romina	1.41,4
Cwirma Valentina	1.42,7
Saue Evell	1.44,1
Noguchi Kanako	1.45,4
Grzywa Magdalena	1.46,8
Holoppainen Maija	1.48,1
Kochet Zinni	1.49,5
Lu Yuanyuan	1.50,8
Hjelt Susanne	1.52,2
Erikssin Ida	1.53,6
Cwirma Valentina	1.55,0
Wiestin Camilla	1.56,3
Holoppainen Maija	1.57,7
Kim Ja-Youn	1.59,1
Tahn Tagne	2.00,5
Noguchi Kanako	2.01,9
Anaeko Kristina	2.03,3
Barnes Tracy	2.04,7
Kochet Zinni	2.06,1
Holoppainen Maija	2.07,5
Anaeko Kristina	2.08,9
Urpilainen Pirjo	2.10,4
Erikssin Ida	2.11,8
Lu Yuanyuan	2.13,3
Kim Ja-Youn	2.14,7
Holoppainen Maija	4.06,4
Tahn Tagne	4.09,2
7,5 KM OESTERSUND
Wilhelm Kati	44.11,1
Zubritova Olena	7.5
Dirzi Uschi	18.3
Bailly Sandrine	25.6
Apel Katrin	26.4
Nikoultchina Irina	28.5
Zubritova Olena	34.4
Plyeva Olga	38.2
Akhatova Albina	44.4
Wilhelm Kati	1.38,1
Tjoerthom Linda	54.7
Holubcova Katerina	1.04,8
Santer Nathalie	1.06,8
Nougent Corinne	1.07,5
Gros Christelle	1.08,2
Sprung Anna	1.09,4
Koblar Andreja	1.10,8
Mali Andreja	1.12,1
Henkel Andrea	1.13,4
Peruvka Sanna-Leena	1.14,6
Zubritova Olena	1.16,1
Tanaka Tamami	1.17,4
Akhatova Albina	1.18,6
Koukleva Galina	1.19,9
Tsukiidate Ikuyo	1.21,2
Jurtslenko Inga	1.22,5
Mikhova Sona	1.23,9
Carraz Julie	1.25,2
Nougent Corinne	1.26,4
Gwizdon Magdalena	1.27,7
Skjelbred Ann Elen	1.29,1
Istad Gro Marit	1.30,4
Zikourkova Ksenia	1.31,7
Ponza Michela	1.33,0
Mikhova Sona	1.34,4
Grudzien Dijana	1.35,7
Khoroshenko Oksana	1.37,0
Vejnarova Zdenka	1.38,4
Sun Ribo	1.39,7
Karagazova Iva	1.41,1
Popova Radka	1.42,4
Makarova Jiulia	1.43,8
Pietrova Olena	1.45,1
Tofatil Eva	1.46,5
Ketunen Outi	1.47,8
Pavkovcekova Marcela	1.49,2
Grzywa Magdalena	1.50,6
Haller Katja	1.51,9
Bauernfeind Marina	1.53,3
Tofte Heike	1.54,7
Kim Ja-Youn	1.56,1
Sleitemark Ulloq	1.57,5
Urpilainen Pirjo	1.58,9
Demetz Romina	2.00,3
Cwirma Valentina	2.01,7
Saue Evell	2.03,1
Noguchi Kanako	2.04,5
Grzywa Magdalena	2.05,9
Holoppainen Maija	2.07,4
Kochet Zinni	2.08,8
Urpilainen Pirjo	2.10,2
10 KM OESTERSUND
Wilhelm Kati	26.59,3
Becavet Sylvie	12.8
Bailly Sandrine	13.6
Zubritova Olena	22.6
Nikoultchina Irina	24.6
Zubritova Olena	40.6
Akhatova Albina	42.1
Chernousova Svetlana	41.9
Holubcova Katerina	44.4
Ishmouratova Svetlana	50.2
Peruvka Sanna-Leena	51.5
Ivanova Ekaterina	54.7
Holubcova Katerina	56.7
Nougent Corinne	1.04,6
Holubcova Katerina	1.04,8
Santer Nathalie	1.07,3
Tanaka Tamami	1.12,0
Andreassen Gunn Margit	1.14,1
Akhatova Albina	1.16,0
Peruvka Sanna-Leena	1.17,5
Mali Andreja	1.19,2
Henkel Andrea	1.20,8
Sprung Anna	1.22,2
Gwizdon Magdalena	1.23,7
Koukleva Galina	1.25,0
Ponza Michela	1.26,5
Nougent Corinne	1.27,8
Mikhova Sona	1.29,3
Zikourkova Ksenia	1.30,6
Tofte Heike	1.32,0
Vejnarova Zdenka	1.33,5
Khoroshenko Oksana	1.34,9
Sun Ribo	1.36,3
Karagazova Iva	1.37,8
Popova Radka	1.39,2
Makarova Jiulia	1.40,6
Pietrova Olena	1.42,1
Pavkovcekova Marcela	1.43,6
Grzywa Magdalena	1.45,0
Haller Katja	1.46,5
Ketunen Outi	1.48,0
Bauernfeind Marina	1.49,5
Kim Ja-Youn	1.51,0
Sleitemark Ulloq	1.52,5
Urpilainen Pirjo	1.54,0
Demetz Romina	1.55,6
Cwirma Valentina	1.57,1
Saue Evell	1.58,6
Noguchi Kanako	2.00,2
Grzywa Magdalena	2.01,7
Holoppainen Maija	2.03,3
Kochet Zinni	2.04,9
Riley Sarah	2.06,4
Urpilainen Pirjo	2.08,0
Erikssin Ida	2.09,6
Lu Yuanyuan	2.11,2
Kim Ja-Youn	2.12,8
Noguchi Kanako	2.14,4
Tahn Tagne	2.16,0
Anaeko Kristina	2.17,6
Kochet Zinni	2.19,2
Wiestin Camilla	2.20,9
Holoppainen Maija	2.22,5
Dubok Elena	2.24,1
Anaeko Kristina	2.25,8
Barnes Tracy	2.27,4
Kim Ja-Youn	2.29,1
Lidumna Madara	2.30,8
Anaeko Kristina	2.32,4
Ponikvia Katarzyna	2.34,1
Holoppainen Maija	2.35,8
Dubok Elena	2.37,5
Riley Sarah	2.39,2
Sun Ribo	2.40,9
Tahn Tagne	2.42,6
Noguchi Kanako	2.44,3
Erikssin Ida	2.46,0
Urpilainen Pirjo	2.47,8
Kochet Zinni	2.49,5
Dubok Elena	2.51,2
Saue Evell	2.53,0
Anaeko Kristina	2.54,8
Holoppainen Maija	2.56,5
Lu Yuanyuan	2.58,3
Kim Ja-Youn	3.00,1
Dubok Elena	3.01,9
Tahn Tagne	3.03,7
7,5 KM KHANTY-MANSIJSK
Becavet Sylvie	21.46,9
Wilhelm Kati	6.2
Bailly Sandrine	12.5
Apel Katrin	17.2
Nikoultchina Irina	19.3
Zubritova Olena	20.5
Chernousova Svetlana	21.4
Zubritova Olena	31.9
Ishmouratova Svetlana	34.2
Ivanova Ekaterina	35.7
Plyeva Olga	45.6
Nougent Corinne	54.6
Santer Nathalie	56.3
Tanaka Tamami	1.05,6
Holubcova Katerina	1.08,8
Akhatova Albina	1.12,3
Peruvka Sanna-Leena	1.14,5
Mali Andreja	1.18,3
Henkel Andrea	1.20,3
Sprung Anna	1.22,3
Gwizdon Magdalena	1.23,7
Koukleva Galina	1.25,2
Ponza Michela	1.26,9
Nougent Corinne	1.28,4
Mikhova Sona	1.30,0
Zikourkova Ksenia	1.31,6
Tofte Heike	1.33,2
Vejnarova Zdenka	1.34,8
Khoroshenko Oksana	1.36,4
Sun Ribo	1.38,0
Karagazova Iva	1.39,6
Popova Radka	1.41,3
Makarova Jiulia	1.42,9
Pietrova Olena	1.44,5
Pavkovcekova Marcela	1.46,2
Grzywa Magdalena	1.47,8
Haller Katja	1.49,5
Ketunen Outi	1.51,1
Bauernfeind Marina	1.52,8
Kim Ja-Youn	1.54,5
Sleitemark Ulloq	1.56,2
Urpilainen Pirjo	1.57,9
Demetz Romina	1.59,6
Cwirma Valentina	2.01,3
Saue Evell	2.03,0
Noguchi Kanako	2.04,8
Grzywa Magdalena	2.06,5
Holoppainen Maija	2.08,2
Kochet Zinni	2.10,0
Riley Sarah	2.11,7
Urpilainen Pirjo	2.13,5
Erikssin Ida	2.15,3
Lu Yuanyuan	2.17,1
Kim Ja-Youn	2.18,9
Noguchi Kanako	2.20,7
Tahn Tagne	2.22,5
Anaeko Kristina	2.24,3
Kochet Zinni	2.26,1
Wiestin Camilla	2.28,0
Holoppainen Maija	2.29,8
Dubok Elena	2.31,7
Anaeko Kristina	2.33,5
Barnes Tracy	2.35,4
Kim Ja-Youn	2.37,3
Lidumna Madara	2.39,2
Anaeko Kristina	2.41,1
Ponikvia Katarzyna	2.43,0
Holoppainen Maija	2.44,9
Dubok Elena	2.46,8
Riley Sarah	2.48,8
Sun Ribo	2.50,7
Tahn Tagne	2.52,7
Noguchi Kanako	2.54,6
Erikssin Ida	2.56,6
Urpilainen Pirjo	2.58,6
Kochet Zinni	3.00,6
Dubok Elena	3.02,6
Saue Evell	3.04,6
Anaeko Kristina	3.06,7
Holoppainen Maija	3.08,7
Lu Yuanyuan	3.10,8
Kim Ja-Youn	3.12,9
Dubok Elena	3.15,0
Tahn Tagne	3.17,1
Noguchi Kanako	3.19,2
Holoppainen Maija	3.21,3
sport.tv brezgus (Skate complete disponibili su lottochapprened)
